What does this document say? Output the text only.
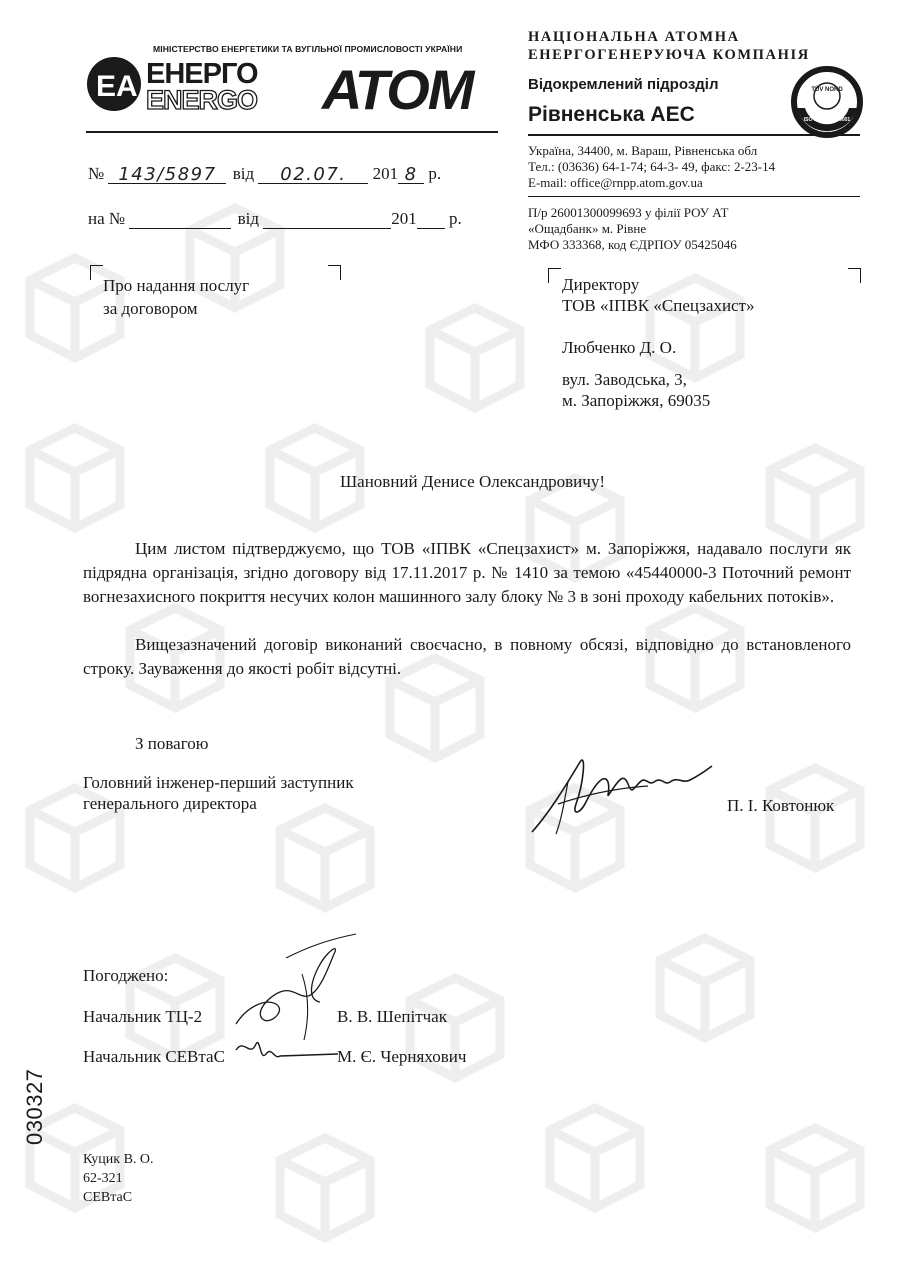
МІНІСТЕРСТВО ЕНЕРГЕТИКИ ТА ВУГІЛЬНОЇ ПРОМИСЛОВОСТІ УКРАЇНИ
EA ЕНЕРГО
ENERGO АТОМ
НАЦІОНАЛЬНА АТОМНА
ЕНЕРГОГЕНЕРУЮЧА КОМПАНІЯ
Відокремлений підрозділ
Рівненська АЕС
TÜV NORD
ISO 14001/ISO 9001
Україна, 34400, м. Вараш, Рівненська обл
Тел.: (03636) 64-1-74; 64-3- 49, факс: 2-23-14
E-mail: office@rnpp.atom.gov.ua
П/р 26001300099693 у філії РОУ АТ
«Ощадбанк» м. Рівне
МФО 333368, код ЄДРПОУ 05425046
№ 143/5897 від 02.07. 201 8 р.
на №	від	201 р.
Про надання послуг
за договором
Директору
ТОВ «ІПВК «Спецзахист»
Любченко Д. О.
вул. Заводська, 3,
м. Запоріжжя, 69035
Шановний Денисе Олександровичу!
Цим листом підтверджуємо, що ТОВ «ІПВК «Спецзахист» м. Запоріжжя, надавало послуги як підрядна організація, згідно договору від 17.11.2017 р. № 1410 за темою «45440000-3 Поточний ремонт вогнезахисного покриття несучих колон машинного залу блоку № 3 в зоні проходу кабельних потоків».
Вищезазначений договір виконаний своєчасно, в повному обсязі, відповідно до встановленого строку. Зауваження до якості робіт відсутні.
З повагою
Головний інженер-перший заступник
генерального директора	П. І. Ковтонюк
Погоджено:
Начальник ТЦ-2	В. В. Шепітчак
Начальник СЕВтаС	М. Є. Черняхович
030327
Куцик В. О.
62-321
СЕВтаС
